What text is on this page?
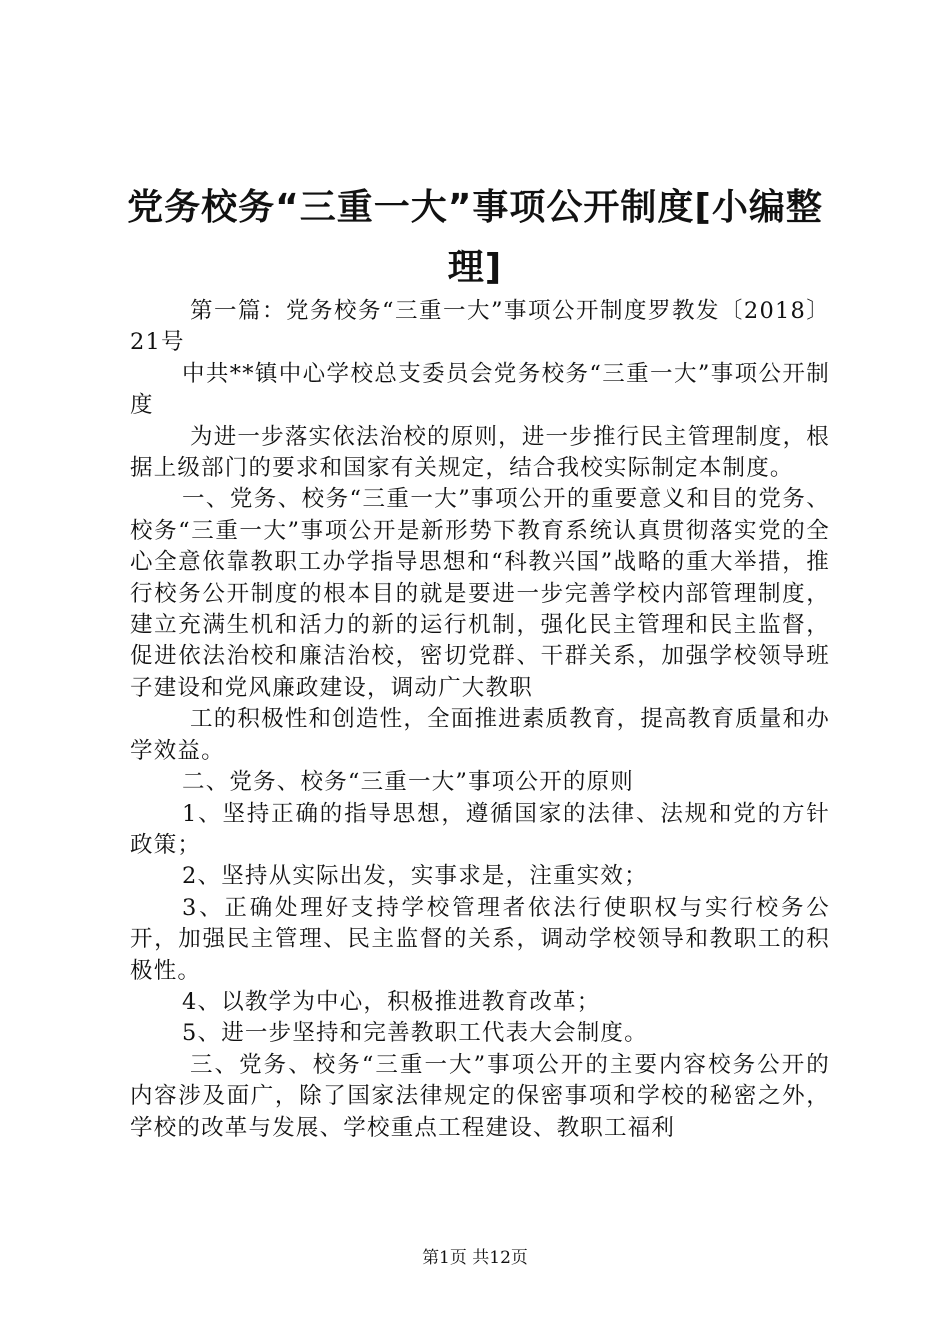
党务校务“三重一大”事项公开制度[小编整理]

第一篇：党务校务“三重一大”事项公开制度罗教发〔2018〕21号

中共**镇中心学校总支委员会党务校务“三重一大”事项公开制度

为进一步落实依法治校的原则，进一步推行民主管理制度，根据上级部门的要求和国家有关规定，结合我校实际制定本制度。

一、党务、校务“三重一大”事项公开的重要意义和目的党务、校务“三重一大”事项公开是新形势下教育系统认真贯彻落实党的全心全意依靠教职工办学指导思想和“科教兴国”战略的重大举措，推行校务公开制度的根本目的就是要进一步完善学校内部管理制度，建立充满生机和活力的新的运行机制，强化民主管理和民主监督，促进依法治校和廉洁治校，密切党群、干群关系，加强学校领导班子建设和党风廉政建设，调动广大教职

工的积极性和创造性，全面推进素质教育，提高教育质量和办学效益。

二、党务、校务“三重一大”事项公开的原则

1、坚持正确的指导思想，遵循国家的法律、法规和党的方针政策；

2、坚持从实际出发，实事求是，注重实效；

3、正确处理好支持学校管理者依法行使职权与实行校务公开，加强民主管理、民主监督的关系，调动学校领导和教职工的积极性。

4、以教学为中心，积极推进教育改革；

5、进一步坚持和完善教职工代表大会制度。

三、党务、校务“三重一大”事项公开的主要内容校务公开的内容涉及面广，除了国家法律规定的保密事项和学校的秘密之外，学校的改革与发展、学校重点工程建设、教职工福利

第1页 共12页
